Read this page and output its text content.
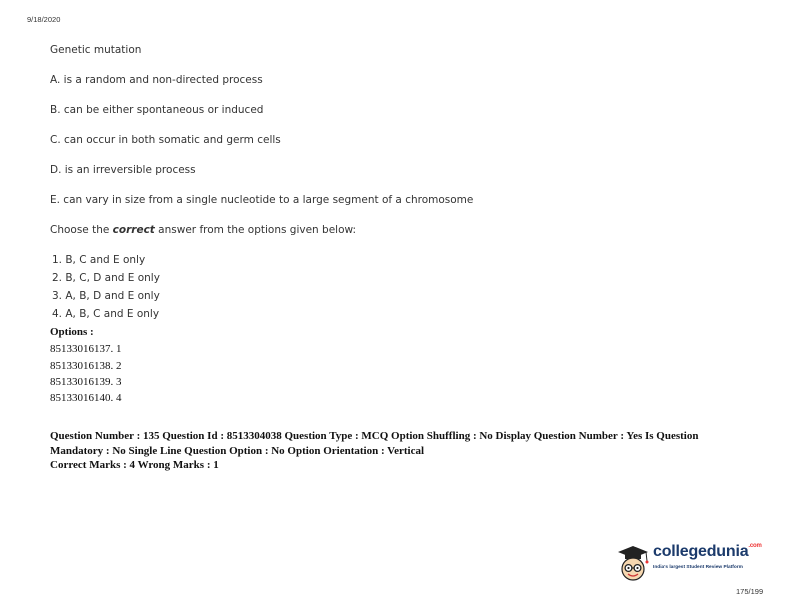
9/18/2020
Genetic mutation
A. is a random and non-directed process
B. can be either spontaneous or induced
C. can occur in both somatic and germ cells
D. is an irreversible process
E. can vary in size from a single nucleotide to a large segment of a chromosome
Choose the correct answer from the options given below:
1. B, C and E only
2. B, C, D and E only
3. A, B, D and E only
4. A, B, C and E only
Options :
85133016137. 1
85133016138. 2
85133016139. 3
85133016140. 4
Question Number : 135 Question Id : 8513304038 Question Type : MCQ Option Shuffling : No Display Question Number : Yes Is Question Mandatory : No Single Line Question Option : No Option Orientation : Vertical
Correct Marks : 4 Wrong Marks : 1
collegedunia$^{.com}$
India's largest Student Review Platform
175/199
